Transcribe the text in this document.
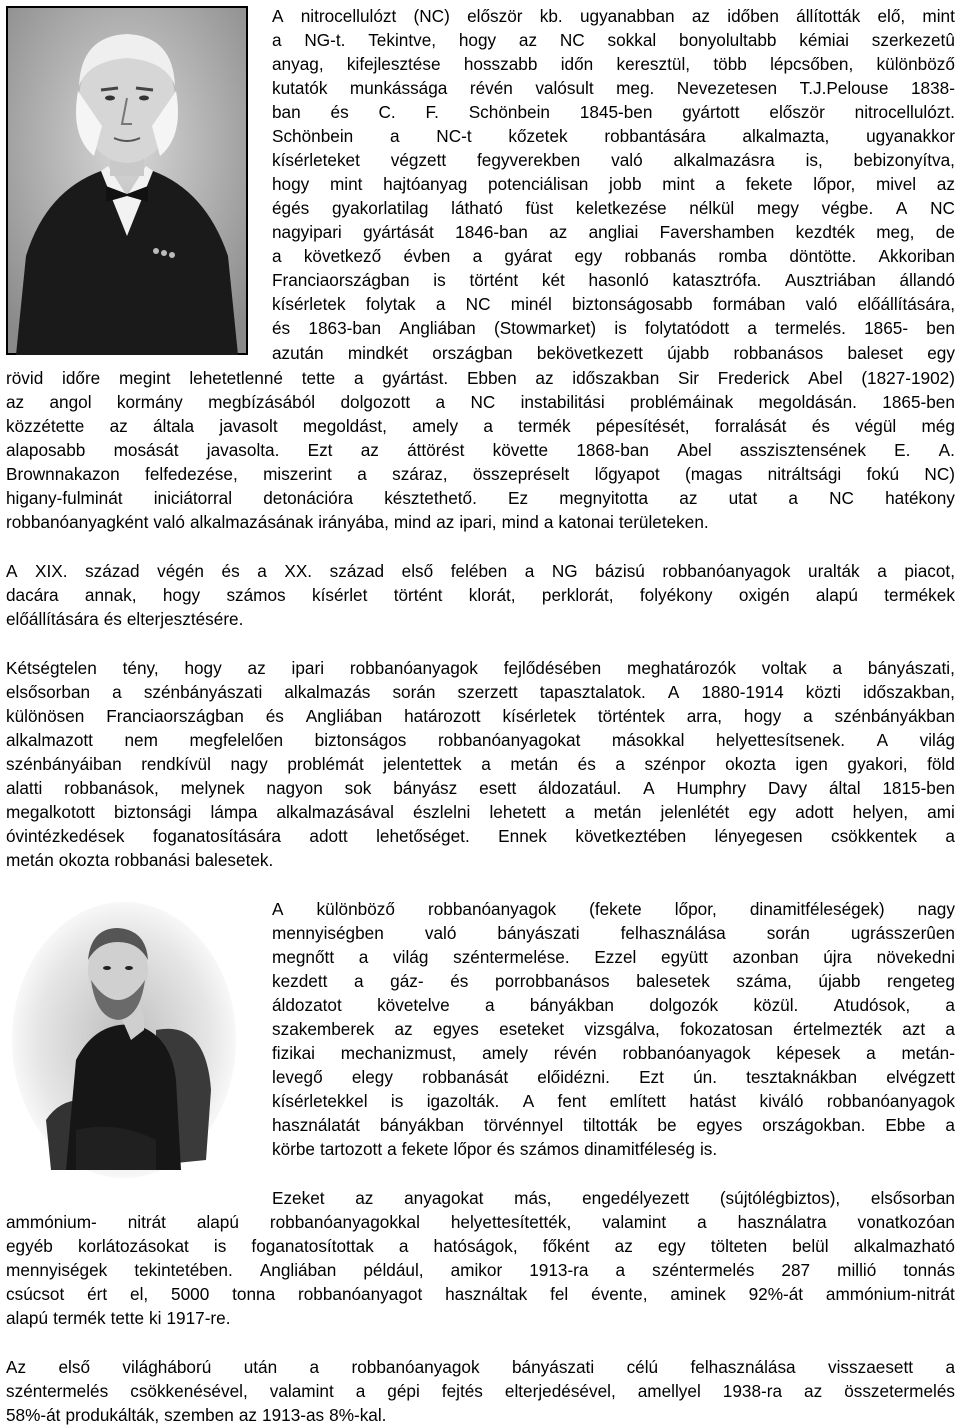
A nitrocellulózt (NC) először kb. ugyanabban az időben állították elő, mint
a NG-t. Tekintve, hogy az NC sokkal bonyolultabb kémiai szerkezetû
anyag, kifejlesztése hosszabb időn keresztül, több lépcsőben, különböző
kutatók munkássága révén valósult meg. Nevezetesen T.J.Pelouse 1838-
ban és C. F. Schönbein 1845-ben gyártott először nitrocellulózt.
Schönbein a NC-t kőzetek robbantására alkalmazta, ugyanakkor
kísérleteket végzett fegyverekben való alkalmazásra is, bebizonyítva,
hogy mint hajtóanyag potenciálisan jobb mint a fekete lőpor, mivel az
égés gyakorlatilag látható füst keletkezése nélkül megy végbe. A NC
nagyipari gyártását 1846-ban az angliai Favershamben kezdték meg, de
a következő évben a gyárat egy robbanás romba döntötte. Akkoriban
Franciaországban is történt két hasonló katasztrófa. Ausztriában állandó
kísérletek folytak a NC minél biztonságosabb formában való előállítására,
és 1863-ban Angliában (Stowmarket) is folytatódott a termelés. 1865- ben
azután mindkét országban bekövetkezett újabb robbanásos baleset egy
rövid időre megint lehetetlenné tette a gyártást. Ebben az időszakban Sir Frederick Abel (1827-1902)
az angol kormány megbízásából dolgozott a NC instabilitási problémáinak megoldásán. 1865-ben
közzétette az általa javasolt megoldást, amely a termék pépesítését, forralását és végül még
alaposabb mosását javasolta. Ezt az áttörést követte 1868-ban Abel asszisztensének E. A.
Brownnakazon felfedezése, miszerint a száraz, összepréselt lőgyapot (magas nitráltsági fokú NC)
higany-fulminát iniciátorral detonációra késztethető. Ez megnyitotta az utat a NC hatékony
robbanóanyagként való alkalmazásának irányába, mind az ipari, mind a katonai területeken.
A XIX. század végén és a XX. század első felében a NG bázisú robbanóanyagok uralták a piacot,
dacára annak, hogy számos kísérlet történt klorát, perklorát, folyékony oxigén alapú termékek
előállítására és elterjesztésére.
Kétségtelen tény, hogy az ipari robbanóanyagok fejlődésében meghatározók voltak a bányászati,
elsősorban a szénbányászati alkalmazás során szerzett tapasztalatok. A 1880-1914 közti időszakban,
különösen Franciaországban és Angliában határozott kísérletek történtek arra, hogy a szénbányákban
alkalmazott nem megfelelően biztonságos robbanóanyagokat másokkal helyettesítsenek. A világ
szénbányáiban rendkívül nagy problémát jelentettek a metán és a szénpor okozta igen gyakori, föld
alatti robbanások, melynek nagyon sok bányász esett áldozatául. A Humphry Davy által 1815-ben
megalkotott biztonsági lámpa alkalmazásával észlelni lehetett a metán jelenlétét egy adott helyen, ami
óvintézkedések foganatosítására adott lehetőséget. Ennek következtében lényegesen csökkentek a
metán okozta robbanási balesetek.
A különböző robbanóanyagok (fekete lőpor, dinamitféleségek) nagy
mennyiségben való bányászati felhasználása során ugrásszerûen
megnőtt a világ széntermelése. Ezzel együtt azonban újra növekedni
kezdett a gáz- és porrobbanásos balesetek száma, újabb rengeteg
áldozatot követelve a bányákban dolgozók közül. Atudósok, a
szakemberek az egyes eseteket vizsgálva, fokozatosan értelmezték azt a
fizikai mechanizmust, amely révén robbanóanyagok képesek a metán-
levegő elegy robbanását előidézni. Ezt ún. tesztaknákban elvégzett
kísérletekkel is igazolták. A fent említett hatást kiváló robbanóanyagok
használatát bányákban törvénnyel tiltották be egyes országokban. Ebbe a
körbe tartozott a fekete lőpor és számos dinamitféleség is.
Ezeket az anyagokat más, engedélyezett (sújtólégbiztos), elsősorban
ammónium- nitrát alapú robbanóanyagokkal helyettesítették, valamint a használatra vonatkozóan
egyéb korlátozásokat is foganatosítottak a hatóságok, főként az egy tölteten belül alkalmazható
mennyiségek tekintetében. Angliában például, amikor 1913-ra a széntermelés 287 millió tonnás
csúcsot ért el, 5000 tonna robbanóanyagot használtak fel évente, aminek 92%-át ammónium-nitrát
alapú termék tette ki 1917-re.
Az első világháború után a robbanóanyagok bányászati célú felhasználása visszaesett a
széntermelés csökkenésével, valamint a gépi fejtés elterjedésével, amellyel 1938-ra az összetermelés
58%-át produkálták, szemben az 1913-as 8%-kal.
